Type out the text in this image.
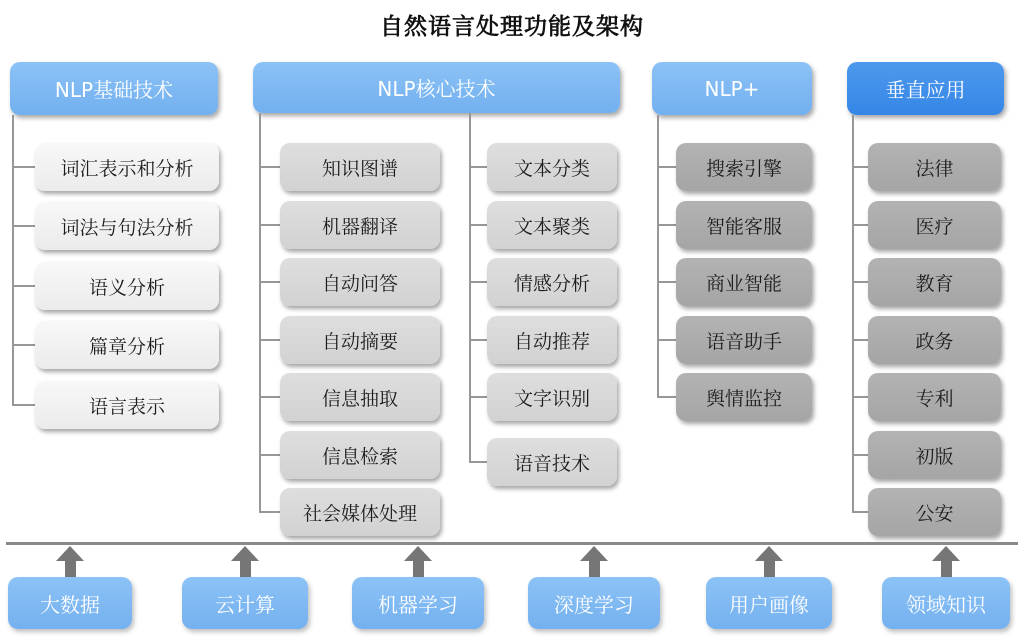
自然语言处理功能及架构
NLP基础技术
词汇表示和分析
词法与句法分析
语义分析
篇章分析
语言表示
NLP核心技术
知识图谱
机器翻译
自动问答
自动摘要
信息抽取
信息检索
社会媒体处理
文本分类
文本聚类
情感分析
自动推荐
文字识别
语音技术
NLP+
搜索引擎
智能客服
商业智能
语音助手
舆情监控
垂直应用
法律
医疗
教育
政务
专利
初版
公安
大数据	云计算	机器学习	深度学习	用户画像	领域知识
